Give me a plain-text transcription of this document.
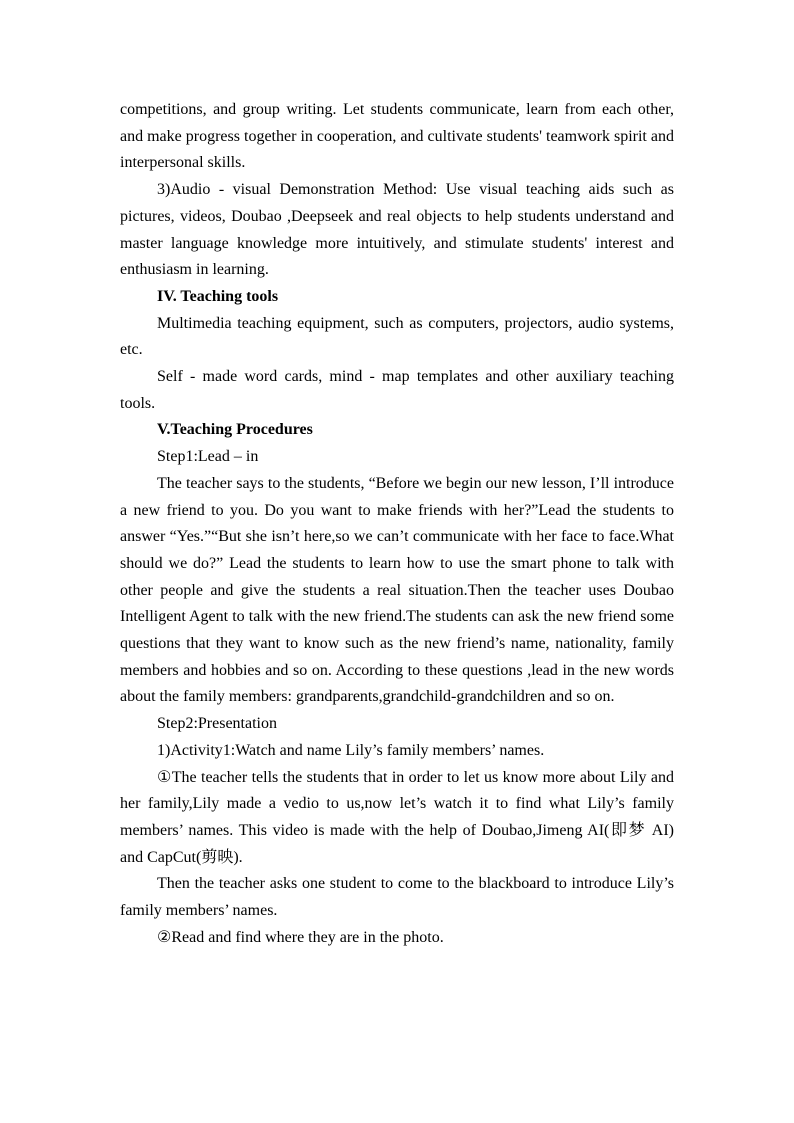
competitions, and group writing. Let students communicate, learn from each other, and make progress together in cooperation, and cultivate students' teamwork spirit and interpersonal skills.

3)Audio - visual Demonstration Method: Use visual teaching aids such as pictures, videos, Doubao ,Deepseek and real objects to help students understand and master language knowledge more intuitively, and stimulate students' interest and enthusiasm in learning.

IV. Teaching tools

Multimedia teaching equipment, such as computers, projectors, audio systems, etc.

Self - made word cards, mind - map templates and other auxiliary teaching tools.

V.Teaching Procedures

Step1:Lead – in

The teacher says to the students, “Before we begin our new lesson, I’ll introduce a new friend to you. Do you want to make friends with her?”Lead the students to answer “Yes.”“But she isn’t here,so we can’t communicate with her face to face.What should we do?” Lead the students to learn how to use the smart phone to talk with other people and give the students a real situation.Then the teacher uses Doubao Intelligent Agent to talk with the new friend.The students can ask the new friend some questions that they want to know such as the new friend’s name, nationality, family members and hobbies and so on. According to these questions ,lead in the new words about the family members: grandparents,grandchild-grandchildren and so on.

Step2:Presentation

1)Activity1:Watch and name Lily’s family members’ names.

①The teacher tells the students that in order to let us know more about Lily and her family,Lily made a vedio to us,now let’s watch it to find what Lily’s family members’ names. This video is made with the help of Doubao,Jimeng AI(即梦 AI) and CapCut(剪映).

Then the teacher asks one student to come to the blackboard to introduce Lily’s family members’ names.

②Read and find where they are in the photo.
